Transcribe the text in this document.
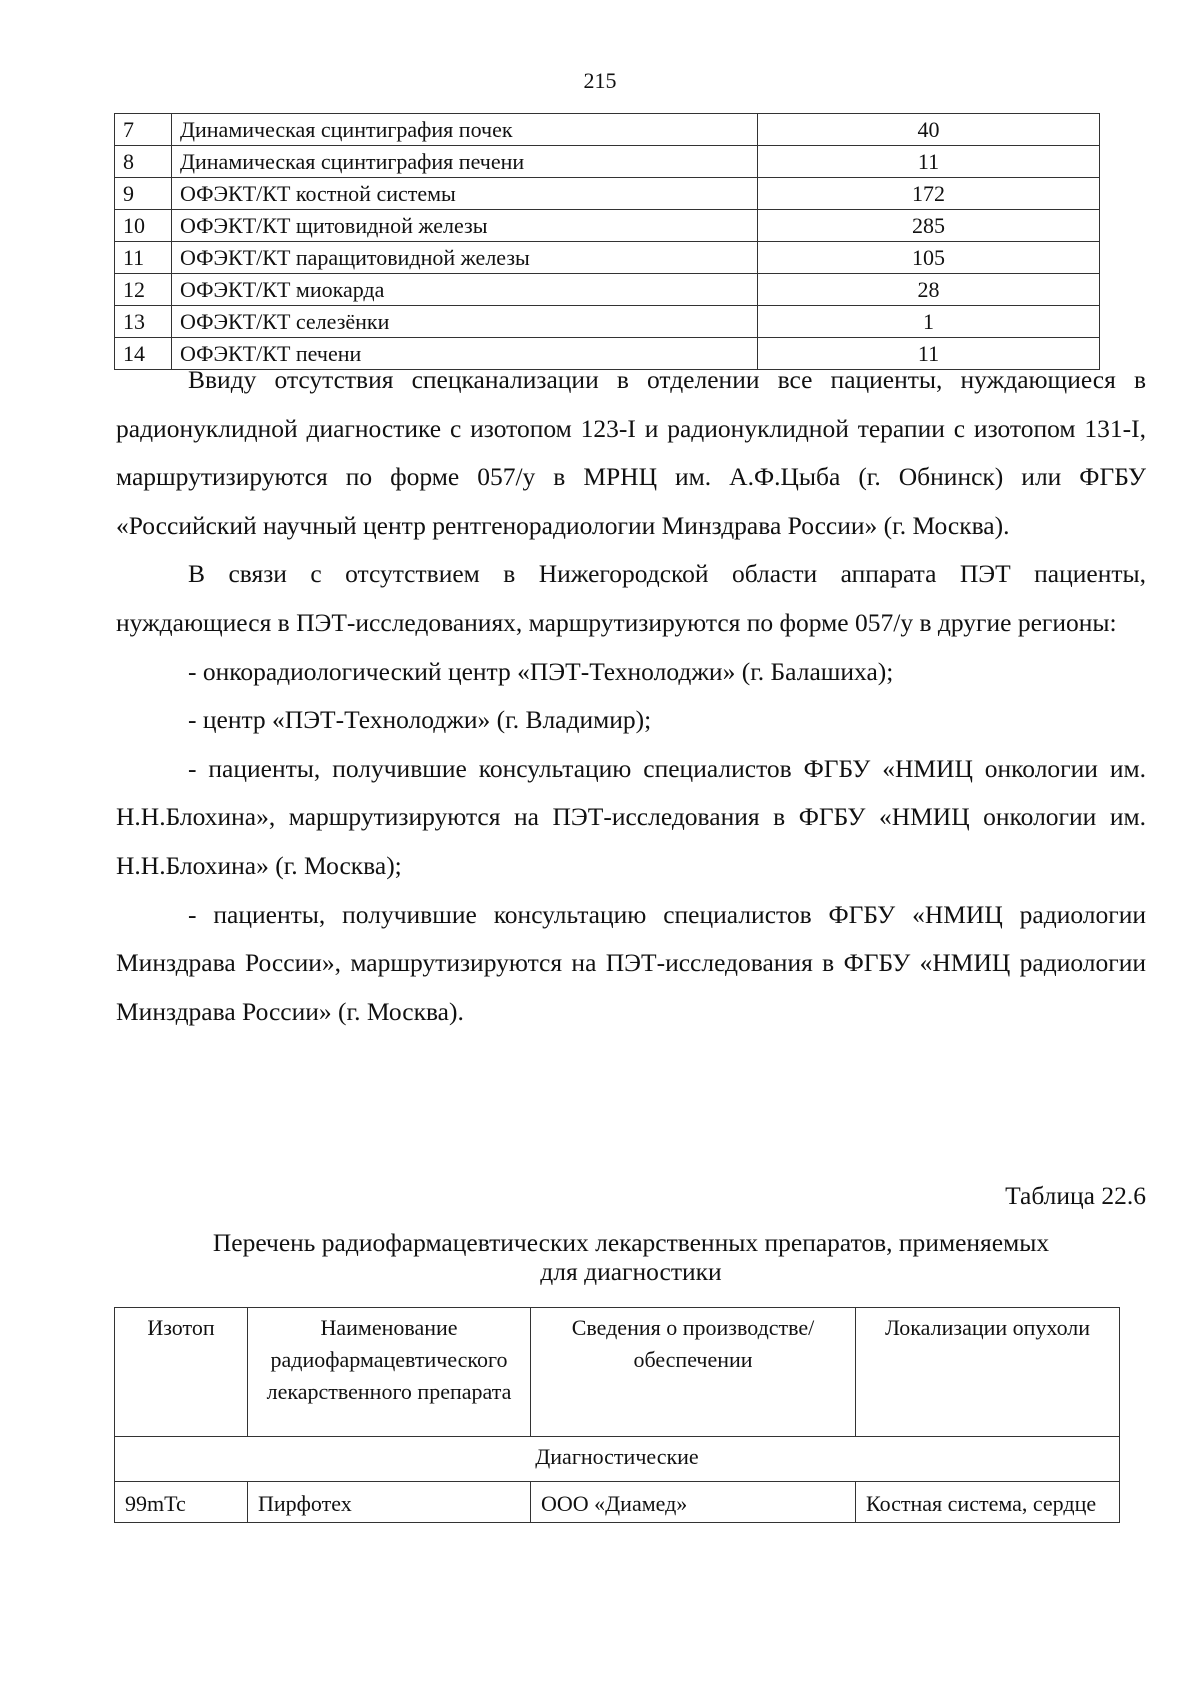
215
7	Динамическая сцинтиграфия почек	40
8	Динамическая сцинтиграфия печени	11
9	ОФЭКТ/КТ костной системы	172
10	ОФЭКТ/КТ щитовидной железы	285
11	ОФЭКТ/КТ паращитовидной железы	105
12	ОФЭКТ/КТ миокарда	28
13	ОФЭКТ/КТ селезёнки	1
14	ОФЭКТ/КТ печени	11

Ввиду отсутствия спецканализации в отделении все пациенты, нуждающиеся в радионуклидной диагностике с изотопом 123-I и радионуклидной терапии с изотопом 131-I, маршрутизируются по форме 057/у в МРНЦ им. А.Ф.Цыба (г. Обнинск) или ФГБУ «Российский научный центр рентгенорадиологии Минздрава России» (г. Москва).

В связи с отсутствием в Нижегородской области аппарата ПЭТ пациенты, нуждающиеся в ПЭТ-исследованиях, маршрутизируются по форме 057/у в другие регионы:

- онкорадиологический центр «ПЭТ-Технолоджи» (г. Балашиха);

- центр «ПЭТ-Технолоджи» (г. Владимир);

- пациенты, получившие консультацию специалистов ФГБУ «НМИЦ онкологии им. Н.Н.Блохина», маршрутизируются на ПЭТ-исследования в ФГБУ «НМИЦ онкологии им. Н.Н.Блохина» (г. Москва);

- пациенты, получившие консультацию специалистов ФГБУ «НМИЦ радиологии Минздрава России», маршрутизируются на ПЭТ-исследования в ФГБУ «НМИЦ радиологии Минздрава России» (г. Москва).

Таблица 22.6
Перечень радиофармацевтических лекарственных препаратов, применяемых
для диагностики
Изотоп	Наименование радиофармацевтического лекарственного препарата	Сведения о производстве/обеспечении	Локализации опухоли
Диагностические			
99mTc	Пирфотех	ООО «Диамед»	Костная система, сердце
